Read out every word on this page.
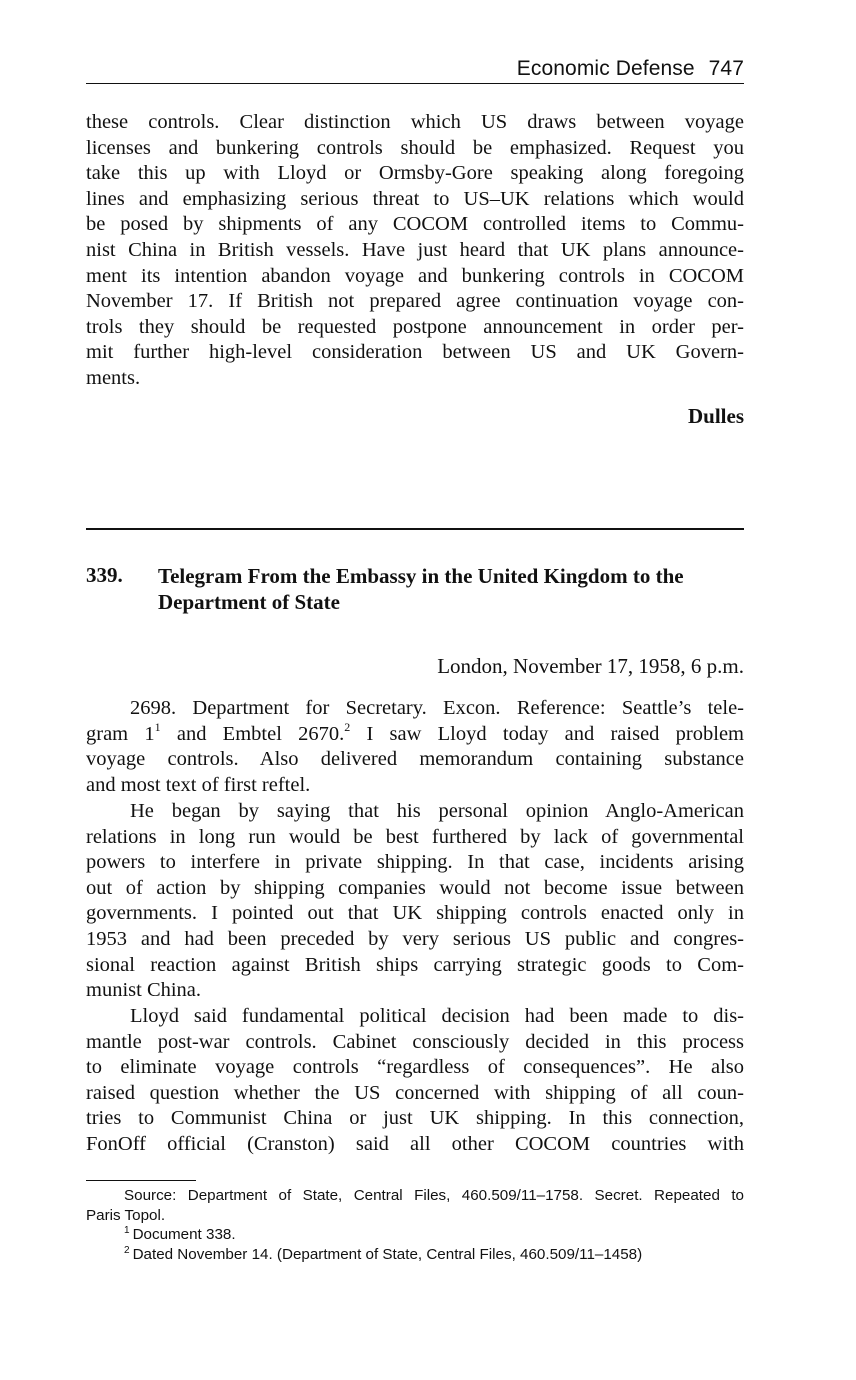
Economic Defense 747
these controls. Clear distinction which US draws between voyage
licenses and bunkering controls should be emphasized. Request you
take this up with Lloyd or Ormsby-Gore speaking along foregoing
lines and emphasizing serious threat to US–UK relations which would
be posed by shipments of any COCOM controlled items to Commu-
nist China in British vessels. Have just heard that UK plans announce-
ment its intention abandon voyage and bunkering controls in COCOM
November 17. If British not prepared agree continuation voyage con-
trols they should be requested postpone announcement in order per-
mit further high-level consideration between US and UK Govern-
ments.
Dulles
339. Telegram From the Embassy in the United Kingdom to the
Department of State
London, November 17, 1958, 6 p.m.
2698. Department for Secretary. Excon. Reference: Seattle’s tele-
gram $1^1$ and Embtel 2670.$^2$ I saw Lloyd today and raised problem
voyage controls. Also delivered memorandum containing substance
and most text of first reftel.
He began by saying that his personal opinion Anglo-American
relations in long run would be best furthered by lack of governmental
powers to interfere in private shipping. In that case, incidents arising
out of action by shipping companies would not become issue between
governments. I pointed out that UK shipping controls enacted only in
1953 and had been preceded by very serious US public and congres-
sional reaction against British ships carrying strategic goods to Com-
munist China.
Lloyd said fundamental political decision had been made to dis-
mantle post-war controls. Cabinet consciously decided in this process
to eliminate voyage controls “regardless of consequences”. He also
raised question whether the US concerned with shipping of all coun-
tries to Communist China or just UK shipping. In this connection,
FonOff official (Cranston) said all other COCOM countries with
Source: Department of State, Central Files, 460.509/11–1758. Secret. Repeated to
Paris Topol.
$^1$ Document 338.
$^2$ Dated November 14. (Department of State, Central Files, 460.509/11–1458)
